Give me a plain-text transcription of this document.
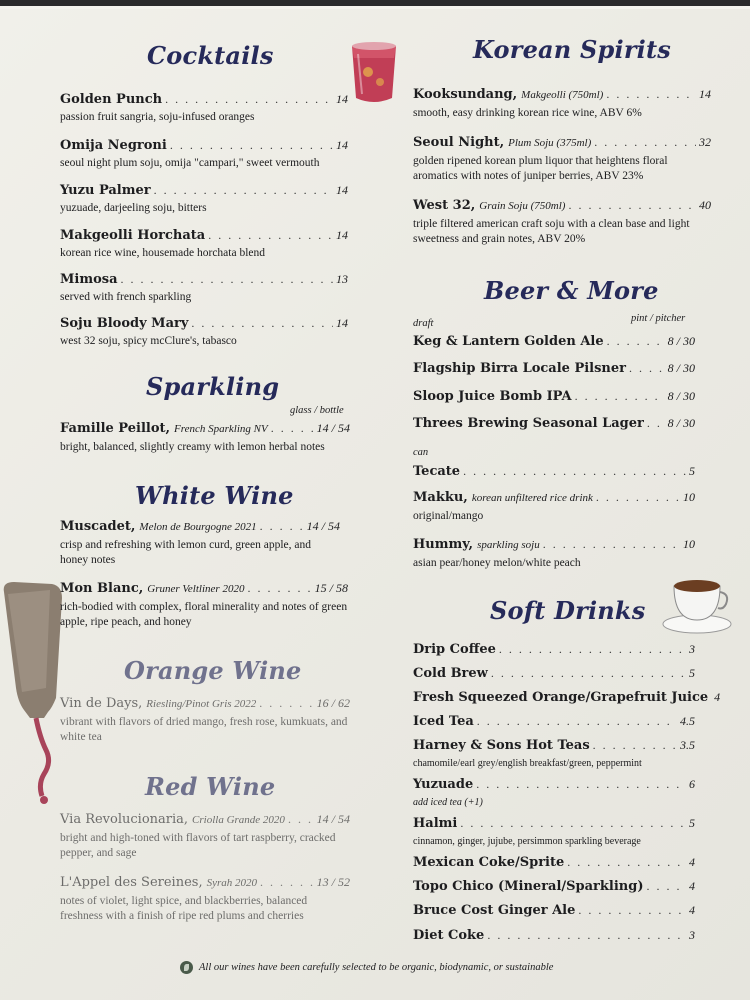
Cocktails
Golden Punch . . .	14
passion fruit sangria, soju-infused oranges
Omija Negroni . . .	14
seoul night plum soju, omija "campari," sweet vermouth
Yuzu Palmer . . .	14
yuzuade, darjeeling soju, bitters
Makgeolli Horchata . . .	14
korean rice wine, housemade horchata blend
Mimosa . . .	13
served with french sparkling
Soju Bloody Mary . . .	14
west 32 soju, spicy mcClure's, tabasco
Sparkling
glass / bottle
Famille Peillot, French Sparkling NV . . .	14 / 54
bright, balanced, slightly creamy with lemon herbal notes
White Wine
Muscadet, Melon de Bourgogne 2021 . . .	14 / 54
crisp and refreshing with lemon curd, green apple, and honey notes
Mon Blanc, Gruner Veltliner 2020 . . .	15 / 58
rich-bodied with complex, floral minerality and notes of green apple, ripe peach, and honey
Orange Wine
Vin de Days, Riesling/Pinot Gris 2022 . . .	16 / 62
vibrant with flavors of dried mango, fresh rose, kumkuats, and white tea
Red Wine
Via Revolucionaria, Criolla Grande 2020 . . .	14 / 54
bright and high-toned with flavors of tart raspberry, cracked pepper, and sage
L'Appel des Sereines, Syrah 2020 . . .	13 / 52
notes of violet, light spice, and blackberries, balanced freshness with a finish of ripe red plums and cherries
Korean Spirits
Kooksundang, Makgeolli (750ml) . . .	14
smooth, easy drinking korean rice wine, ABV 6%
Seoul Night, Plum Soju (375ml) . . .	32
golden ripened korean plum liquor that heightens floral aromatics with notes of juniper berries, ABV 23%
West 32, Grain Soju (750ml) . . .	40
triple filtered american craft soju with a clean base and light sweetness and grain notes, ABV 20%
Beer & More
draft	pint / pitcher
Keg & Lantern Golden Ale . . .	8 / 30
Flagship Birra Locale Pilsner . . .	8 / 30
Sloop Juice Bomb IPA . . .	8 / 30
Threes Brewing Seasonal Lager . . . 8 / 30
can
Tecate . . .	5
Makku, korean unfiltered rice drink . . .	10
original/mango
Hummy, sparkling soju . . .	10
asian pear/honey melon/white peach
Soft Drinks
Drip Coffee . . .	3
Cold Brew . . .	5
Fresh Squeezed Orange/Grapefruit Juice 4
Iced Tea . . .	4.5
Harney & Sons Hot Teas . . .	3.5
chamomile/earl grey/english breakfast/green, peppermint
Yuzuade . . .	6
add iced tea (+1)
Halmi . . .	5
cinnamon, ginger, jujube, persimmon sparkling beverage
Mexican Coke/Sprite . . .	4
Topo Chico (Mineral/Sparkling) . . .	4
Bruce Cost Ginger Ale . . .	4
Diet Coke . . .	3
All our wines have been carefully selected to be organic, biodynamic, or sustainable
